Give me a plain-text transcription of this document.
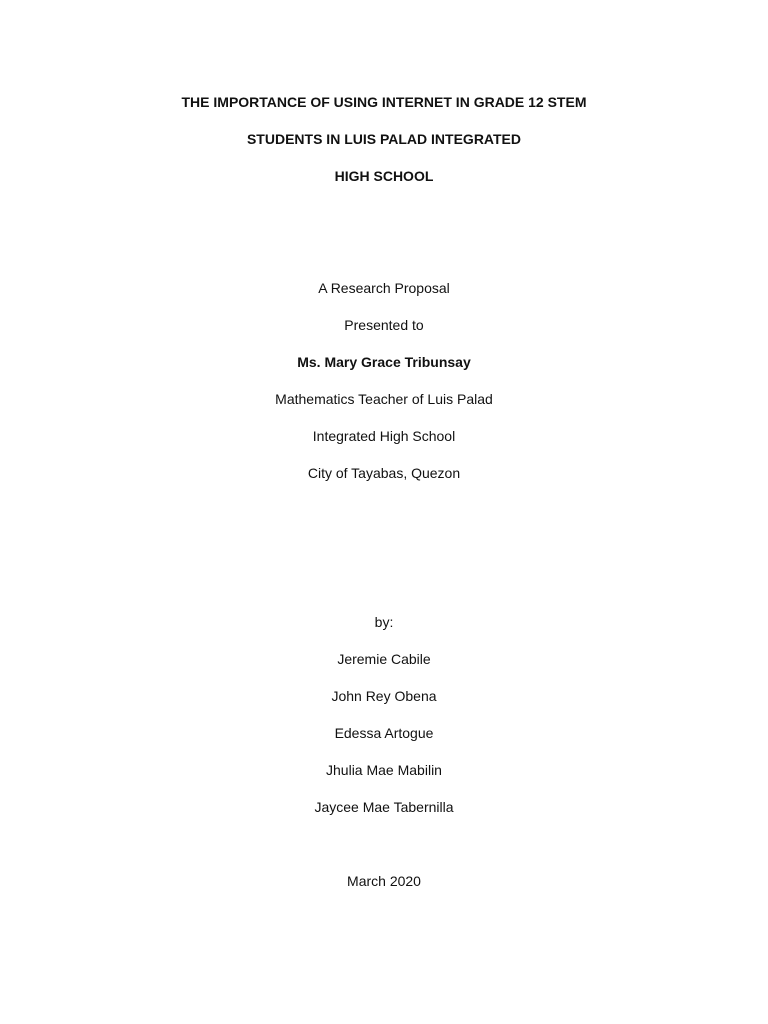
THE IMPORTANCE OF USING INTERNET IN GRADE 12 STEM
STUDENTS IN LUIS PALAD INTEGRATED
HIGH SCHOOL
A Research Proposal
Presented to
Ms. Mary Grace Tribunsay
Mathematics Teacher of Luis Palad
Integrated High School
City of Tayabas, Quezon
by:
Jeremie Cabile
John Rey Obena
Edessa Artogue
Jhulia Mae Mabilin
Jaycee Mae Tabernilla
March 2020
